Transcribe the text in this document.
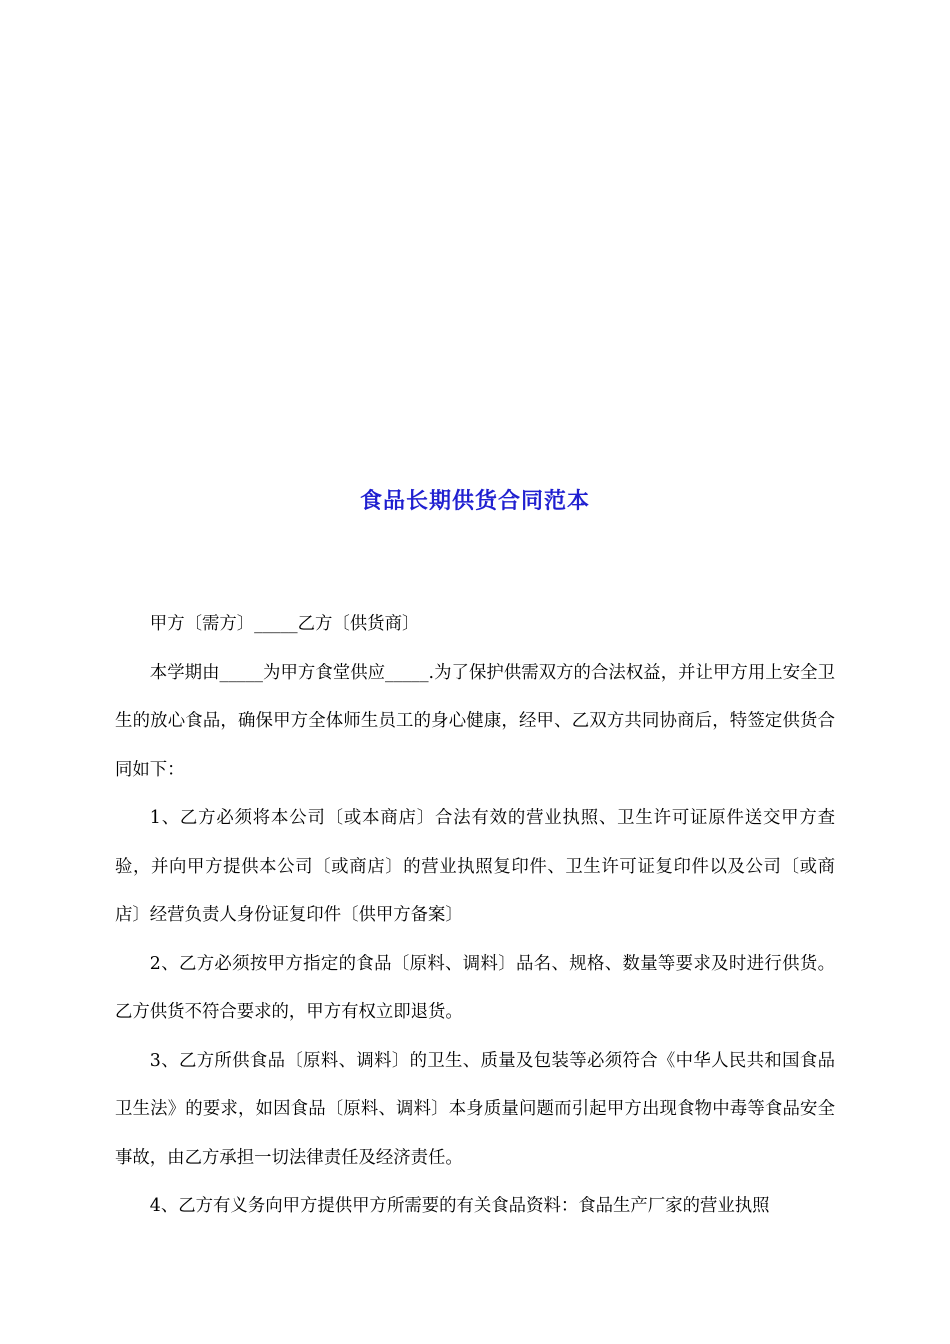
食品长期供货合同范本

甲方〔需方〕_____乙方〔供货商〕

本学期由_____为甲方食堂供应_____.为了保护供需双方的合法权益，并让甲方用上安全卫生的放心食品，确保甲方全体师生员工的身心健康，经甲、乙双方共同协商后，特签定供货合同如下：

1、乙方必须将本公司〔或本商店〕合法有效的营业执照、卫生许可证原件送交甲方查验，并向甲方提供本公司〔或商店〕的营业执照复印件、卫生许可证复印件以及公司〔或商店〕经营负责人身份证复印件〔供甲方备案〕

2、乙方必须按甲方指定的食品〔原料、调料〕品名、规格、数量等要求及时进行供货。乙方供货不符合要求的，甲方有权立即退货。

3、乙方所供食品〔原料、调料〕的卫生、质量及包装等必须符合《中华人民共和国食品卫生法》的要求，如因食品〔原料、调料〕本身质量问题而引起甲方出现食物中毒等食品安全事故，由乙方承担一切法律责任及经济责任。

4、乙方有义务向甲方提供甲方所需要的有关食品资料：食品生产厂家的营业执照
